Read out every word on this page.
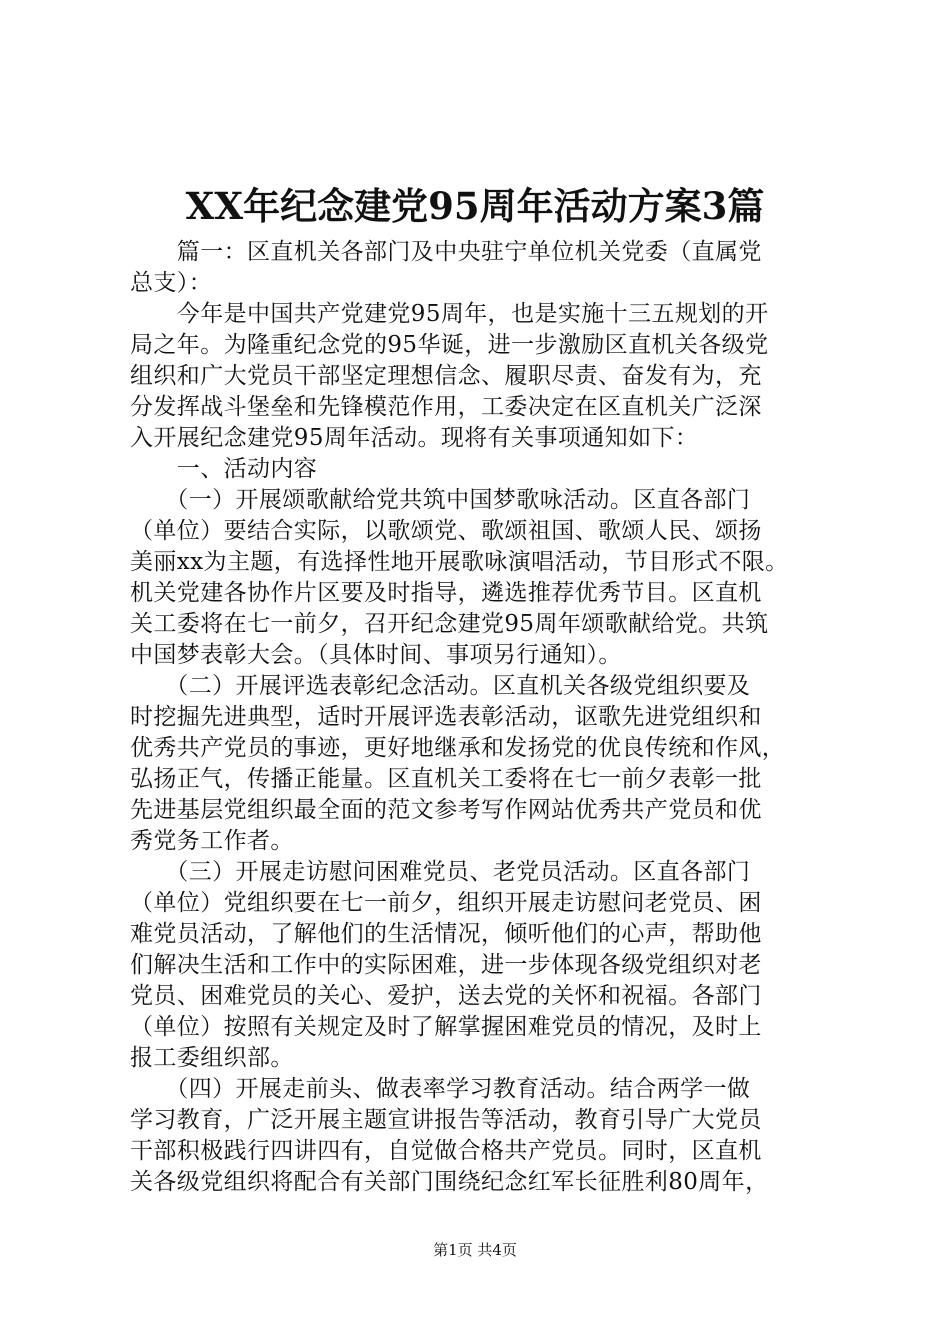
XX年纪念建党95周年活动方案3篇
　　篇一：区直机关各部门及中央驻宁单位机关党委（直属党
总支）：
　　今年是中国共产党建党95周年，也是实施十三五规划的开
局之年。为隆重纪念党的95华诞，进一步激励区直机关各级党
组织和广大党员干部坚定理想信念、履职尽责、奋发有为，充
分发挥战斗堡垒和先锋模范作用，工委决定在区直机关广泛深
入开展纪念建党95周年活动。现将有关事项通知如下：
　　一、活动内容
　　（一）开展颂歌献给党共筑中国梦歌咏活动。区直各部门
（单位）要结合实际，以歌颂党、歌颂祖国、歌颂人民、颂扬
美丽xx为主题，有选择性地开展歌咏演唱活动，节目形式不限。
机关党建各协作片区要及时指导，遴选推荐优秀节目。区直机
关工委将在七一前夕，召开纪念建党95周年颂歌献给党。共筑
中国梦表彰大会。（具体时间、事项另行通知）。
　　（二）开展评选表彰纪念活动。区直机关各级党组织要及
时挖掘先进典型，适时开展评选表彰活动，讴歌先进党组织和
优秀共产党员的事迹，更好地继承和发扬党的优良传统和作风，
弘扬正气，传播正能量。区直机关工委将在七一前夕表彰一批
先进基层党组织最全面的范文参考写作网站优秀共产党员和优
秀党务工作者。
　　（三）开展走访慰问困难党员、老党员活动。区直各部门
（单位）党组织要在七一前夕，组织开展走访慰问老党员、困
难党员活动，了解他们的生活情况，倾听他们的心声，帮助他
们解决生活和工作中的实际困难，进一步体现各级党组织对老
党员、困难党员的关心、爱护，送去党的关怀和祝福。各部门
（单位）按照有关规定及时了解掌握困难党员的情况，及时上
报工委组织部。
　　（四）开展走前头、做表率学习教育活动。结合两学一做
学习教育，广泛开展主题宣讲报告等活动，教育引导广大党员
干部积极践行四讲四有，自觉做合格共产党员。同时，区直机
关各级党组织将配合有关部门围绕纪念红军长征胜利80周年，
第1页 共4页
